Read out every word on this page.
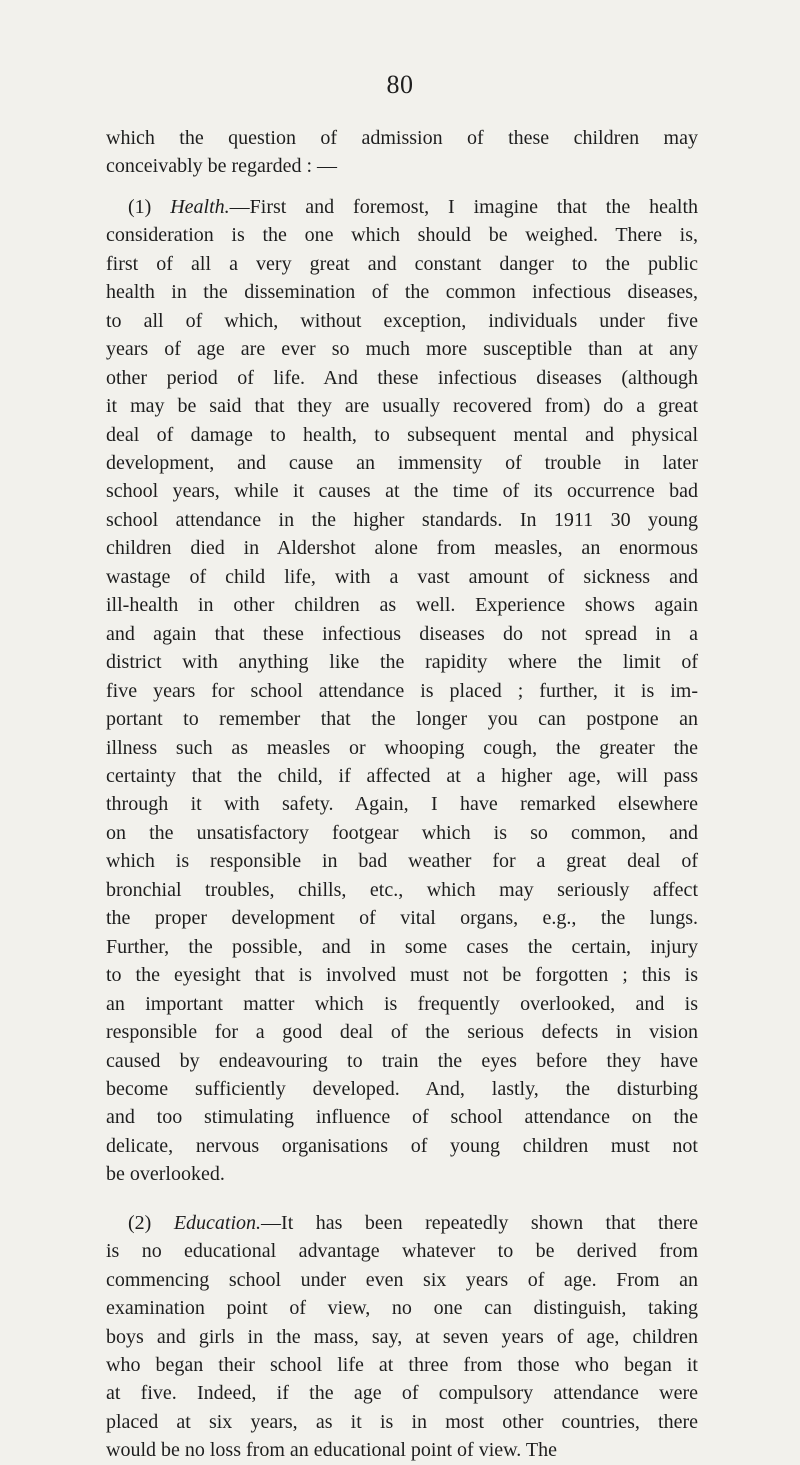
80

which the question of admission of these children may
conceivably be regarded : —

(1) Health.—First and foremost, I imagine that the health
consideration is the one which should be weighed. There is,
first of all a very great and constant danger to the public
health in the dissemination of the common infectious diseases,
to all of which, without exception, individuals under five
years of age are ever so much more susceptible than at any
other period of life. And these infectious diseases (although
it may be said that they are usually recovered from) do a great
deal of damage to health, to subsequent mental and physical
development, and cause an immensity of trouble in later
school years, while it causes at the time of its occurrence bad
school attendance in the higher standards. In 1911 30 young
children died in Aldershot alone from measles, an enormous
wastage of child life, with a vast amount of sickness and
ill-health in other children as well. Experience shows again
and again that these infectious diseases do not spread in a
district with anything like the rapidity where the limit of
five years for school attendance is placed ; further, it is im-
portant to remember that the longer you can postpone an
illness such as measles or whooping cough, the greater the
certainty that the child, if affected at a higher age, will pass
through it with safety. Again, I have remarked elsewhere
on the unsatisfactory footgear which is so common, and
which is responsible in bad weather for a great deal of
bronchial troubles, chills, etc., which may seriously affect
the proper development of vital organs, e.g., the lungs.
Further, the possible, and in some cases the certain, injury
to the eyesight that is involved must not be forgotten ; this is
an important matter which is frequently overlooked, and is
responsible for a good deal of the serious defects in vision
caused by endeavouring to train the eyes before they have
become sufficiently developed. And, lastly, the disturbing
and too stimulating influence of school attendance on the
delicate, nervous organisations of young children must not
be overlooked.

(2) Education.—It has been repeatedly shown that there
is no educational advantage whatever to be derived from
commencing school under even six years of age. From an
examination point of view, no one can distinguish, taking
boys and girls in the mass, say, at seven years of age, children
who began their school life at three from those who began it
at five. Indeed, if the age of compulsory attendance were
placed at six years, as it is in most other countries, there
would be no loss from an educational point of view. The
